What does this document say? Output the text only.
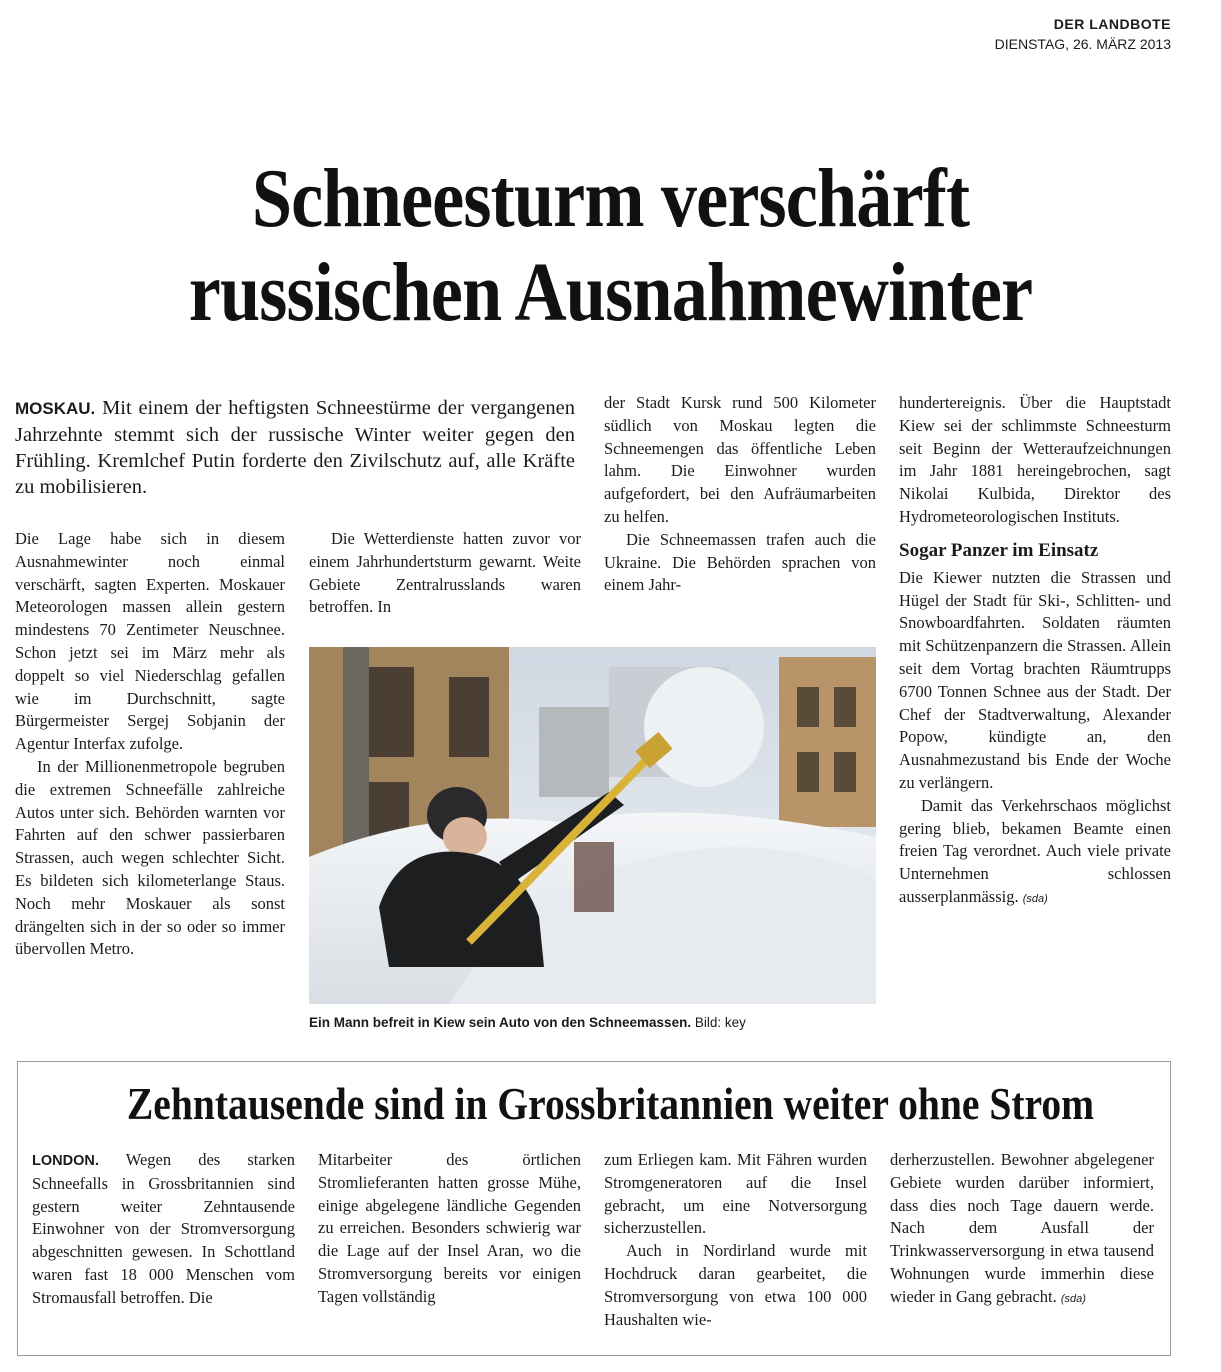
DER LANDBOTE
DIENSTAG, 26. MÄRZ 2013
Schneesturm verschärft
russischen Ausnahmewinter
MOSKAU. Mit einem der heftigsten Schneestürme der vergangenen Jahrzehnte stemmt sich der russische Winter weiter gegen den Frühling. Kremlchef Putin forderte den Zivilschutz auf, alle Kräfte zu mobilisieren.

Die Lage habe sich in diesem Ausnahmewinter noch einmal verschärft, sagten Experten. Moskauer Meteorologen massen allein gestern mindestens 70 Zentimeter Neuschnee. Schon jetzt sei im März mehr als doppelt so viel Niederschlag gefallen wie im Durchschnitt, sagte Bürgermeister Sergej Sobjanin der Agentur Interfax zufolge.

In der Millionenmetropole begruben die extremen Schneefälle zahlreiche Autos unter sich. Behörden warnten vor Fahrten auf den schwer passierbaren Strassen, auch wegen schlechter Sicht. Es bildeten sich kilometerlange Staus. Noch mehr Moskauer als sonst drängelten sich in der so oder so immer übervollen Metro.

Die Wetterdienste hatten zuvor vor einem Jahrhundertsturm gewarnt. Weite Gebiete Zentralrusslands waren betroffen. In

der Stadt Kursk rund 500 Kilometer südlich von Moskau legten die Schneemengen das öffentliche Leben lahm. Die Einwohner wurden aufgefordert, bei den Aufräumarbeiten zu helfen.

Die Schneemassen trafen auch die Ukraine. Die Behörden sprachen von einem Jahr-

hundertereignis. Über die Hauptstadt Kiew sei der schlimmste Schneesturm seit Beginn der Wetteraufzeichnungen im Jahr 1881 hereingebrochen, sagt Nikolai Kulbida, Direktor des Hydrometeorologischen Instituts.

Sogar Panzer im Einsatz

Die Kiewer nutzten die Strassen und Hügel der Stadt für Ski-, Schlitten- und Snowboardfahrten. Soldaten räumten mit Schützenpanzern die Strassen. Allein seit dem Vortag brachten Räumtrupps 6700 Tonnen Schnee aus der Stadt. Der Chef der Stadtverwaltung, Alexander Popow, kündigte an, den Ausnahmezustand bis Ende der Woche zu verlängern.

Damit das Verkehrschaos möglichst gering blieb, bekamen Beamte einen freien Tag verordnet. Auch viele private Unternehmen schlossen ausserplanmässig. (sda)

Ein Mann befreit in Kiew sein Auto von den Schneemassen. Bild: key
Zehntausende sind in Grossbritannien weiter ohne Strom

LONDON. Wegen des starken Schneefalls in Grossbritannien sind gestern weiter Zehntausende Einwohner von der Stromversorgung abgeschnitten gewesen. In Schottland waren fast 18 000 Menschen vom Stromausfall betroffen. Die

Mitarbeiter des örtlichen Stromlieferanten hatten grosse Mühe, einige abgelegene ländliche Gegenden zu erreichen. Besonders schwierig war die Lage auf der Insel Aran, wo die Stromversorgung bereits vor einigen Tagen vollständig

zum Erliegen kam. Mit Fähren wurden Stromgeneratoren auf die Insel gebracht, um eine Notversorgung sicherzustellen.

Auch in Nordirland wurde mit Hochdruck daran gearbeitet, die Stromversorgung von etwa 100 000 Haushalten wie-

derherzustellen. Bewohner abgelegener Gebiete wurden darüber informiert, dass dies noch Tage dauern werde. Nach dem Ausfall der Trinkwasserversorgung in etwa tausend Wohnungen wurde immerhin diese wieder in Gang gebracht. (sda)
